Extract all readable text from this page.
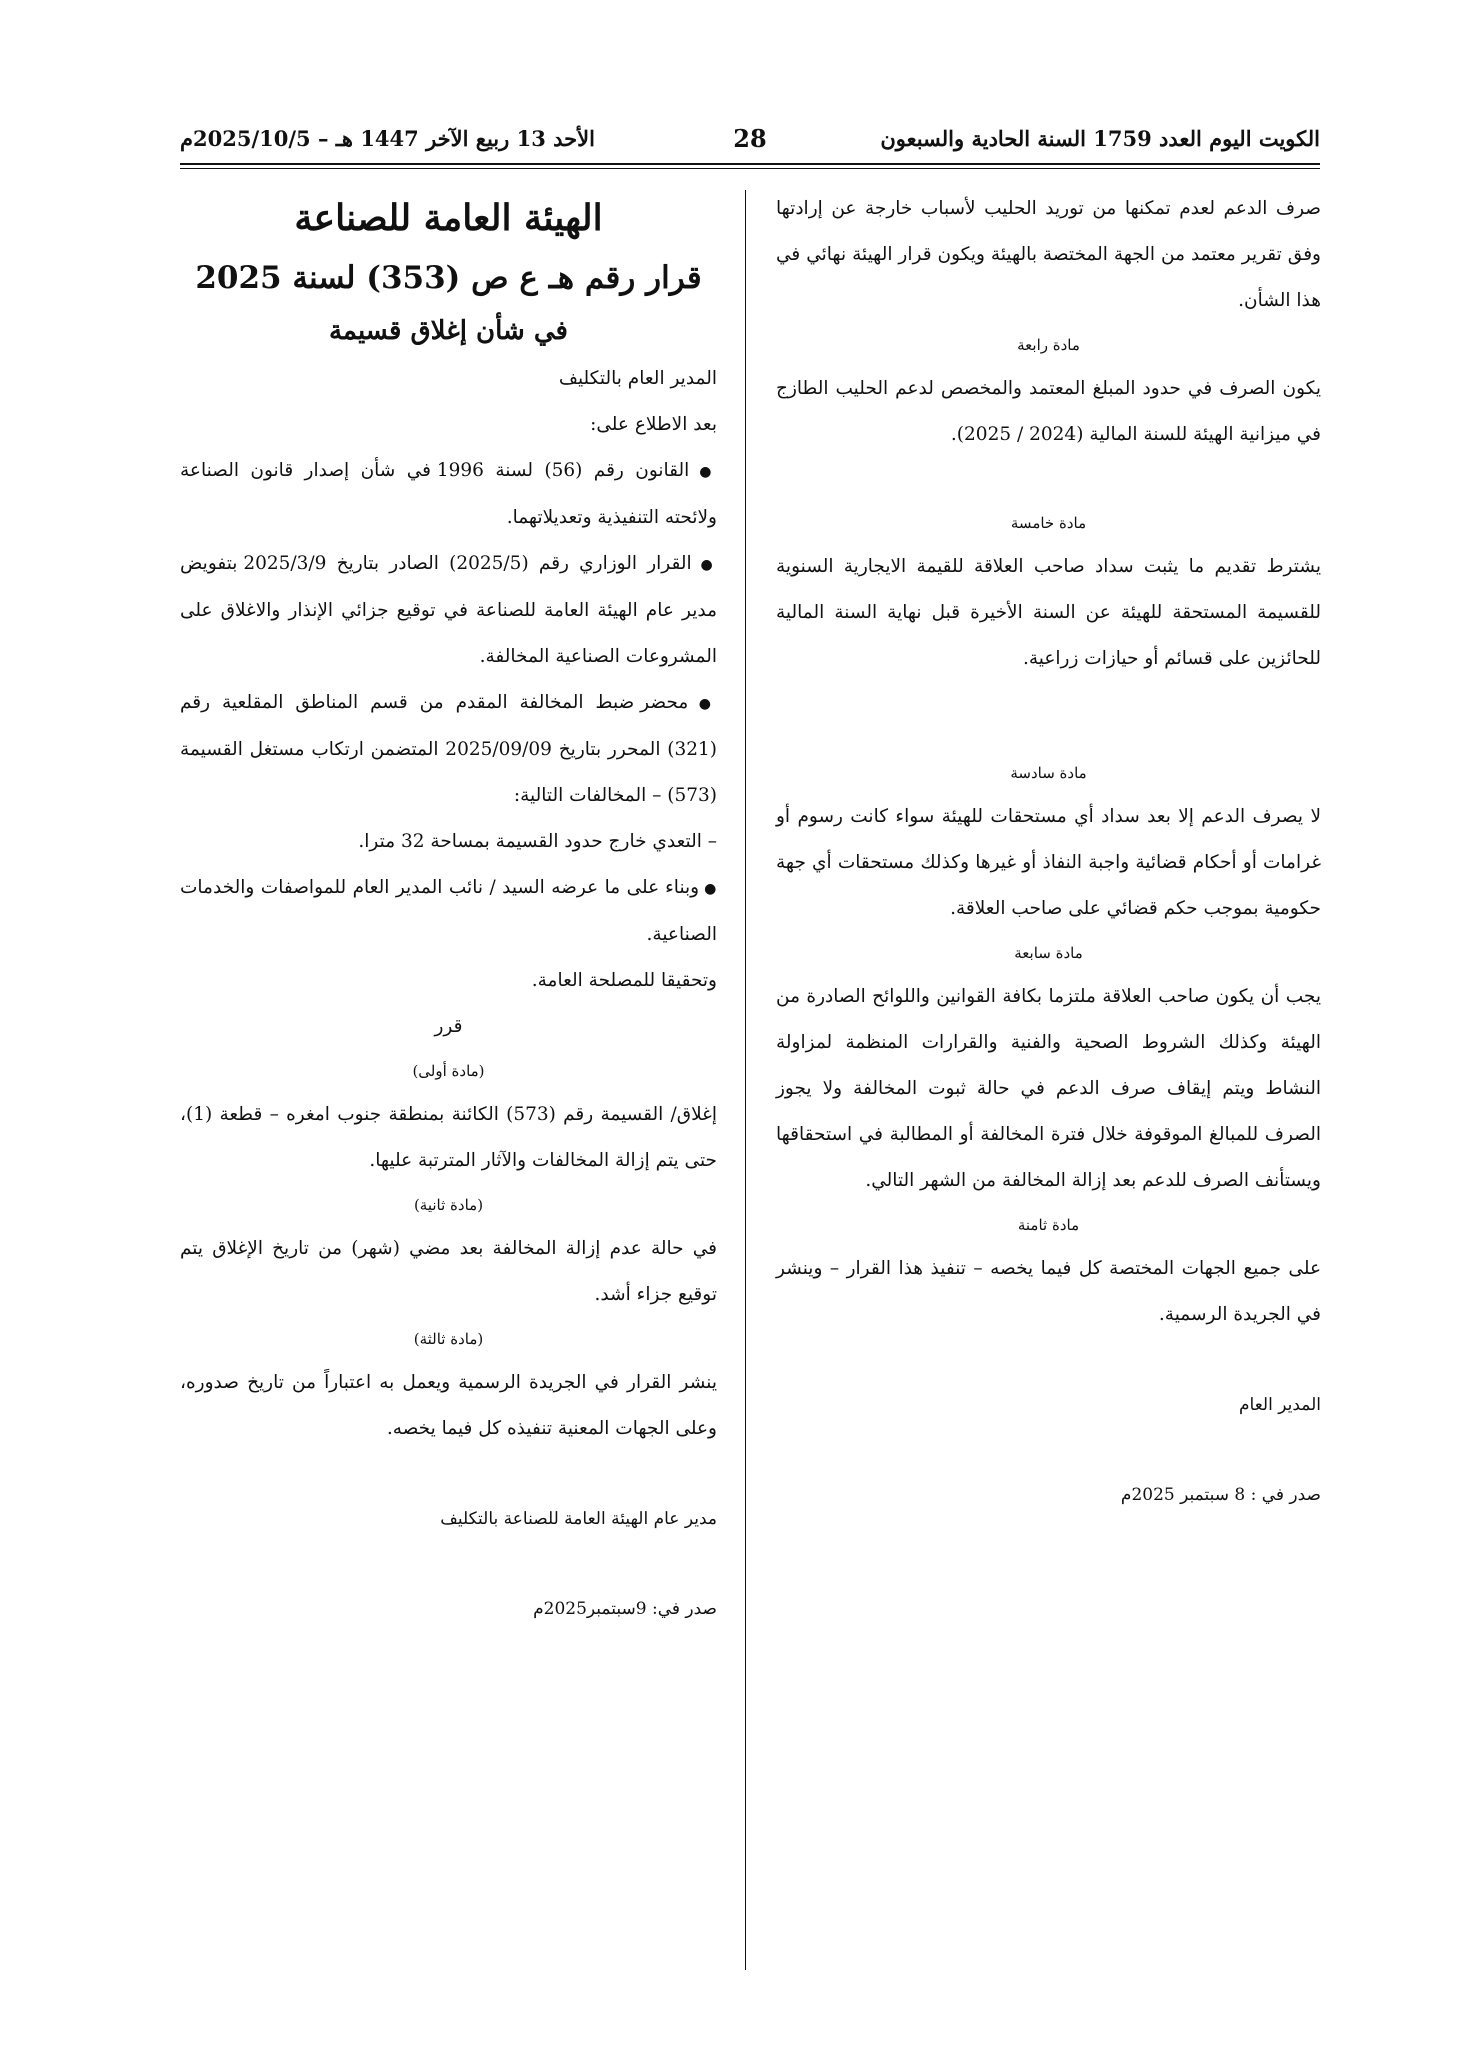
الكويت اليوم العدد 1759 السنة الحادية والسبعون
28
الأحد 13 ربيع الآخر 1447 هـ – 2025/10/5م

صرف الدعم لعدم تمكنها من توريد الحليب لأسباب خارجة عن إرادتها وفق تقرير معتمد من الجهة المختصة بالهيئة ويكون قرار الهيئة نهائي في هذا الشأن.

مادة رابعة

يكون الصرف في حدود المبلغ المعتمد والمخصص لدعم الحليب الطازج في ميزانية الهيئة للسنة المالية (2024 / 2025).

مادة خامسة

يشترط تقديم ما يثبت سداد صاحب العلاقة للقيمة الايجارية السنوية للقسيمة المستحقة للهيئة عن السنة الأخيرة قبل نهاية السنة المالية للحائزين على قسائم أو حيازات زراعية.

مادة سادسة

لا يصرف الدعم إلا بعد سداد أي مستحقات للهيئة سواء كانت رسوم أو غرامات أو أحكام قضائية واجبة النفاذ أو غيرها وكذلك مستحقات أي جهة حكومية بموجب حكم قضائي على صاحب العلاقة.

مادة سابعة

يجب أن يكون صاحب العلاقة ملتزما بكافة القوانين واللوائح الصادرة من الهيئة وكذلك الشروط الصحية والفنية والقرارات المنظمة لمزاولة النشاط ويتم إيقاف صرف الدعم في حالة ثبوت المخالفة ولا يجوز الصرف للمبالغ الموقوفة خلال فترة المخالفة أو المطالبة في استحقاقها ويستأنف الصرف للدعم بعد إزالة المخالفة من الشهر التالي.

مادة ثامنة

على جميع الجهات المختصة كل فيما يخصه – تنفيذ هذا القرار – وينشر في الجريدة الرسمية.

المدير العام

صدر في : 8 سبتمبر 2025م

الهيئة العامة للصناعة

قرار رقم هـ ع ص (353) لسنة 2025

في شأن إغلاق قسيمة

المدير العام بالتكليف

بعد الاطلاع على:

● القانون رقم (56) لسنة 1996 في شأن إصدار قانون الصناعة ولائحته التنفيذية وتعديلاتهما.

● القرار الوزاري رقم (2025/5) الصادر بتاريخ 2025/3/9 بتفويض مدير عام الهيئة العامة للصناعة في توقيع جزائي الإنذار والاغلاق على المشروعات الصناعية المخالفة.

● محضر ضبط المخالفة المقدم من قسم المناطق المقلعية رقم (321) المحرر بتاريخ 2025/09/09 المتضمن ارتكاب مستغل القسيمة (573) – المخالفات التالية:

– التعدي خارج حدود القسيمة بمساحة 32 مترا.

● وبناء على ما عرضه السيد / نائب المدير العام للمواصفات والخدمات الصناعية.

وتحقيقا للمصلحة العامة.

قرر

(مادة أولى)

إغلاق/ القسيمة رقم (573) الكائنة بمنطقة جنوب امغره – قطعة (1)، حتى يتم إزالة المخالفات والآثار المترتبة عليها.

(مادة ثانية)

في حالة عدم إزالة المخالفة بعد مضي (شهر) من تاريخ الإغلاق يتم توقيع جزاء أشد.

(مادة ثالثة)

ينشر القرار في الجريدة الرسمية ويعمل به اعتباراً من تاريخ صدوره، وعلى الجهات المعنية تنفيذه كل فيما يخصه.

مدير عام الهيئة العامة للصناعة بالتكليف

صدر في: 9سبتمبر2025م
